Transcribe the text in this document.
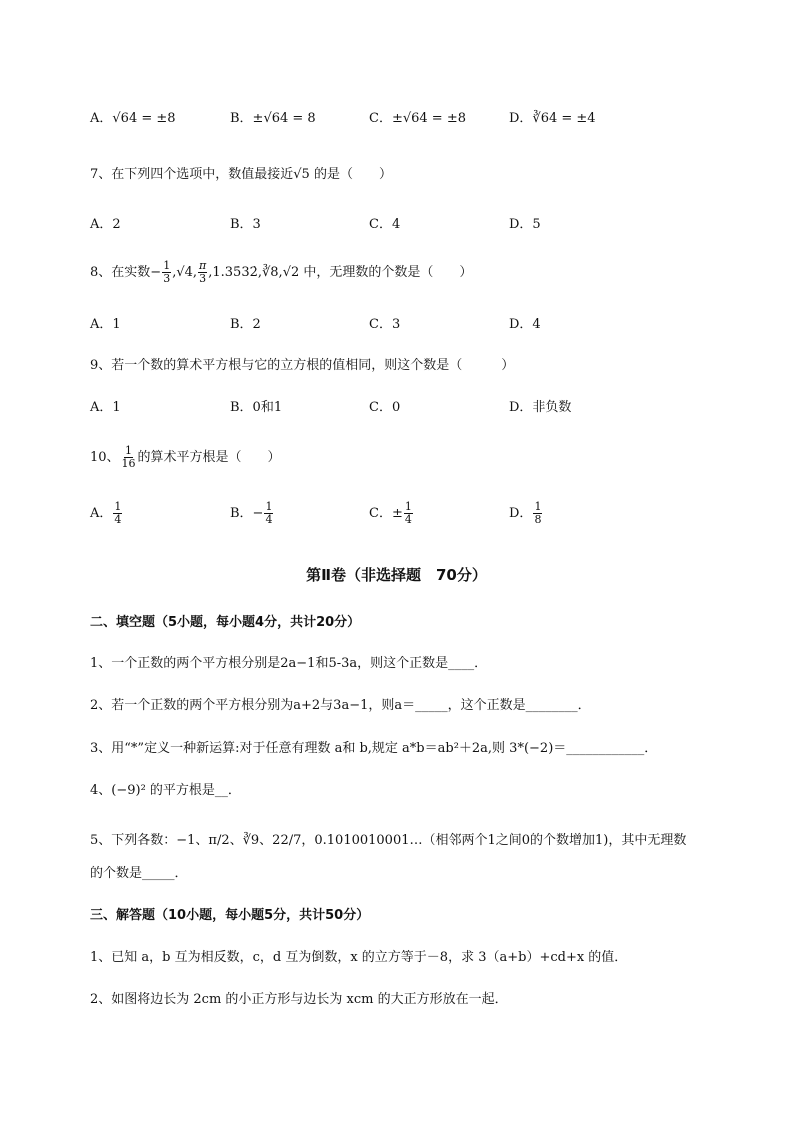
A．√64 = ±8	B．±√64 = 8	C．±√64 = ±8	D．∛64 = ±4
7、在下列四个选项中，数值最接近√5 的是（　　）
A．2	B．3	C．4	D．5
8、在实数− $\frac{1}{3} ,√4$, $\frac{\pi}{3}$ ,1.35̇32̇,∛8,√2 中，无理数的个数是（　　）
A．1	B．2	C．3	D．4
9、若一个数的算术平方根与它的立方根的值相同，则这个数是（　　　）
A．1	B．0和1	C．0	D．非负数
10、 $\frac{1}{16}$ 的算术平方根是（　　）
A． $\frac{1}{4}$	B．− $\frac{1}{4}$	C．± $\frac{1}{4}$	D． $\frac{1}{8}$
第Ⅱ卷（非选择题　70分）
二、填空题（5小题，每小题4分，共计20分）
1、一个正数的两个平方根分别是2a−1和5-3a，则这个正数是____．
2、若一个正数的两个平方根分别为a+2与3a−1，则a＝_____，这个正数是________．
3、用“*”定义一种新运算:对于任意有理数 a和 b,规定 a*b＝ab²＋2a,则 3*(−2)＝____________．
4、(−9)² 的平方根是__．
5、下列各数：−1、π/2、∛9、22/7，0.1010010001…（相邻两个1之间0的个数增加1)，其中无理数
的个数是_____．
三、解答题（10小题，每小题5分，共计50分）
1、已知 a，b 互为相反数，c，d 互为倒数，x 的立方等于－8，求 3（a+b）+cd+x 的值．
2、如图将边长为 2cm 的小正方形与边长为 xcm 的大正方形放在一起．
